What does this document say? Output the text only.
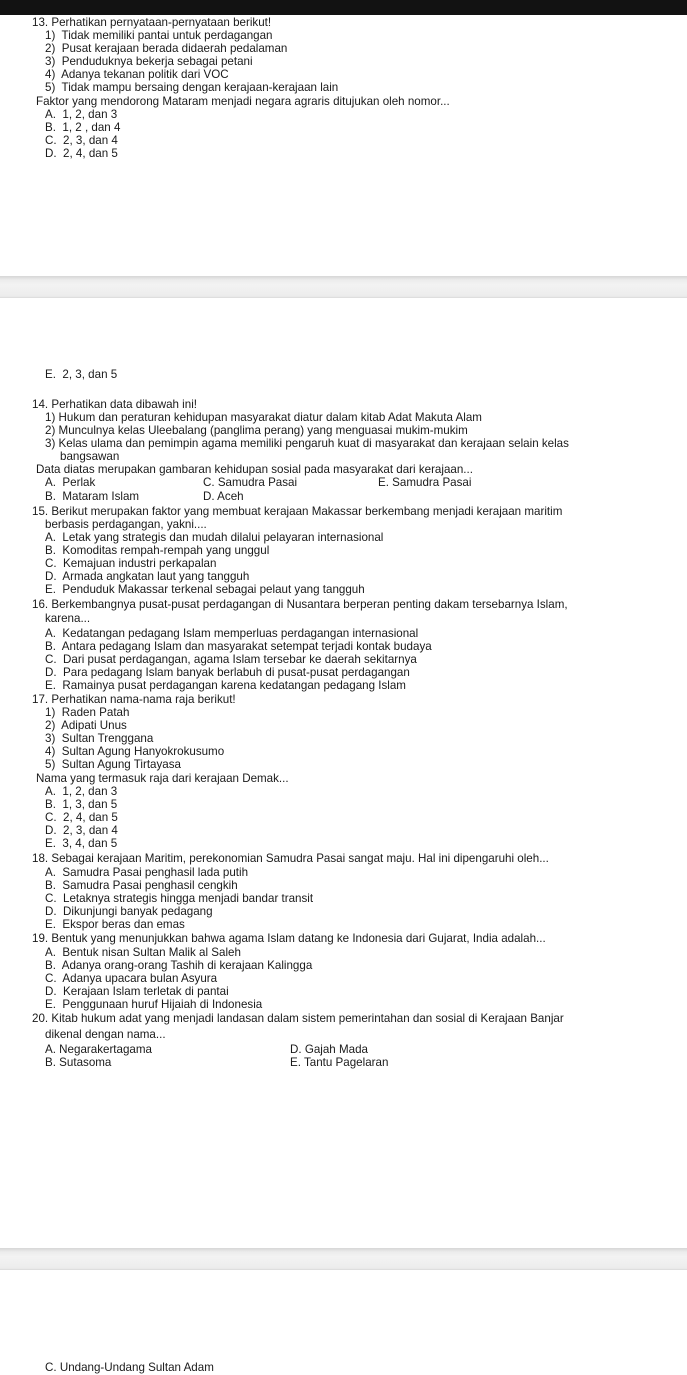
13. Perhatikan pernyataan-pernyataan berikut!
1)  Tidak memiliki pantai untuk perdagangan
2)  Pusat kerajaan berada didaerah pedalaman
3)  Penduduknya bekerja sebagai petani
4)  Adanya tekanan politik dari VOC
5)  Tidak mampu bersaing dengan kerajaan-kerajaan lain
Faktor yang mendorong Mataram menjadi negara agraris ditujukan oleh nomor...
A.  1, 2, dan 3
B.  1, 2 , dan 4
C.  2, 3, dan 4
D.  2, 4, dan 5
E.  2, 3, dan 5
14. Perhatikan data dibawah ini!
1) Hukum dan peraturan kehidupan masyarakat diatur dalam kitab Adat Makuta Alam
2) Munculnya kelas Uleebalang (panglima perang) yang menguasai mukim-mukim
3) Kelas ulama dan pemimpin agama memiliki pengaruh kuat di masyarakat dan kerajaan selain kelas
bangsawan
Data diatas merupakan gambaran kehidupan sosial pada masyarakat dari kerajaan...
A.  Perlak	C. Samudra Pasai	E. Samudra Pasai
B.  Mataram Islam	D. Aceh
15. Berikut merupakan faktor yang membuat kerajaan Makassar berkembang menjadi kerajaan maritim
berbasis perdagangan, yakni....
A.  Letak yang strategis dan mudah dilalui pelayaran internasional
B.  Komoditas rempah-rempah yang unggul
C.  Kemajuan industri perkapalan
D.  Armada angkatan laut yang tangguh
E.  Penduduk Makassar terkenal sebagai pelaut yang tangguh
16. Berkembangnya pusat-pusat perdagangan di Nusantara berperan penting dakam tersebarnya Islam,
karena...
A.  Kedatangan pedagang Islam memperluas perdagangan internasional
B.  Antara pedagang Islam dan masyarakat setempat terjadi kontak budaya
C.  Dari pusat perdagangan, agama Islam tersebar ke daerah sekitarnya
D.  Para pedagang Islam banyak berlabuh di pusat-pusat perdagangan
E.  Ramainya pusat perdagangan karena kedatangan pedagang Islam
17. Perhatikan nama-nama raja berikut!
1)  Raden Patah
2)  Adipati Unus
3)  Sultan Trenggana
4)  Sultan Agung Hanyokrokusumo
5)  Sultan Agung Tirtayasa
Nama yang termasuk raja dari kerajaan Demak...
A.  1, 2, dan 3
B.  1, 3, dan 5
C.  2, 4, dan 5
D.  2, 3, dan 4
E.  3, 4, dan 5
18. Sebagai kerajaan Maritim, perekonomian Samudra Pasai sangat maju. Hal ini dipengaruhi oleh...
A.  Samudra Pasai penghasil lada putih
B.  Samudra Pasai penghasil cengkih
C.  Letaknya strategis hingga menjadi bandar transit
D.  Dikunjungi banyak pedagang
E.  Ekspor beras dan emas
19. Bentuk yang menunjukkan bahwa agama Islam datang ke Indonesia dari Gujarat, India adalah...
A.  Bentuk nisan Sultan Malik al Saleh
B.  Adanya orang-orang Tashih di kerajaan Kalingga
C.  Adanya upacara bulan Asyura
D.  Kerajaan Islam terletak di pantai
E.  Penggunaan huruf Hijaiah di Indonesia
20. Kitab hukum adat yang menjadi landasan dalam sistem pemerintahan dan sosial di Kerajaan Banjar
dikenal dengan nama...
A. Negarakertagama	D. Gajah Mada
B. Sutasoma	E. Tantu Pagelaran
C. Undang-Undang Sultan Adam
